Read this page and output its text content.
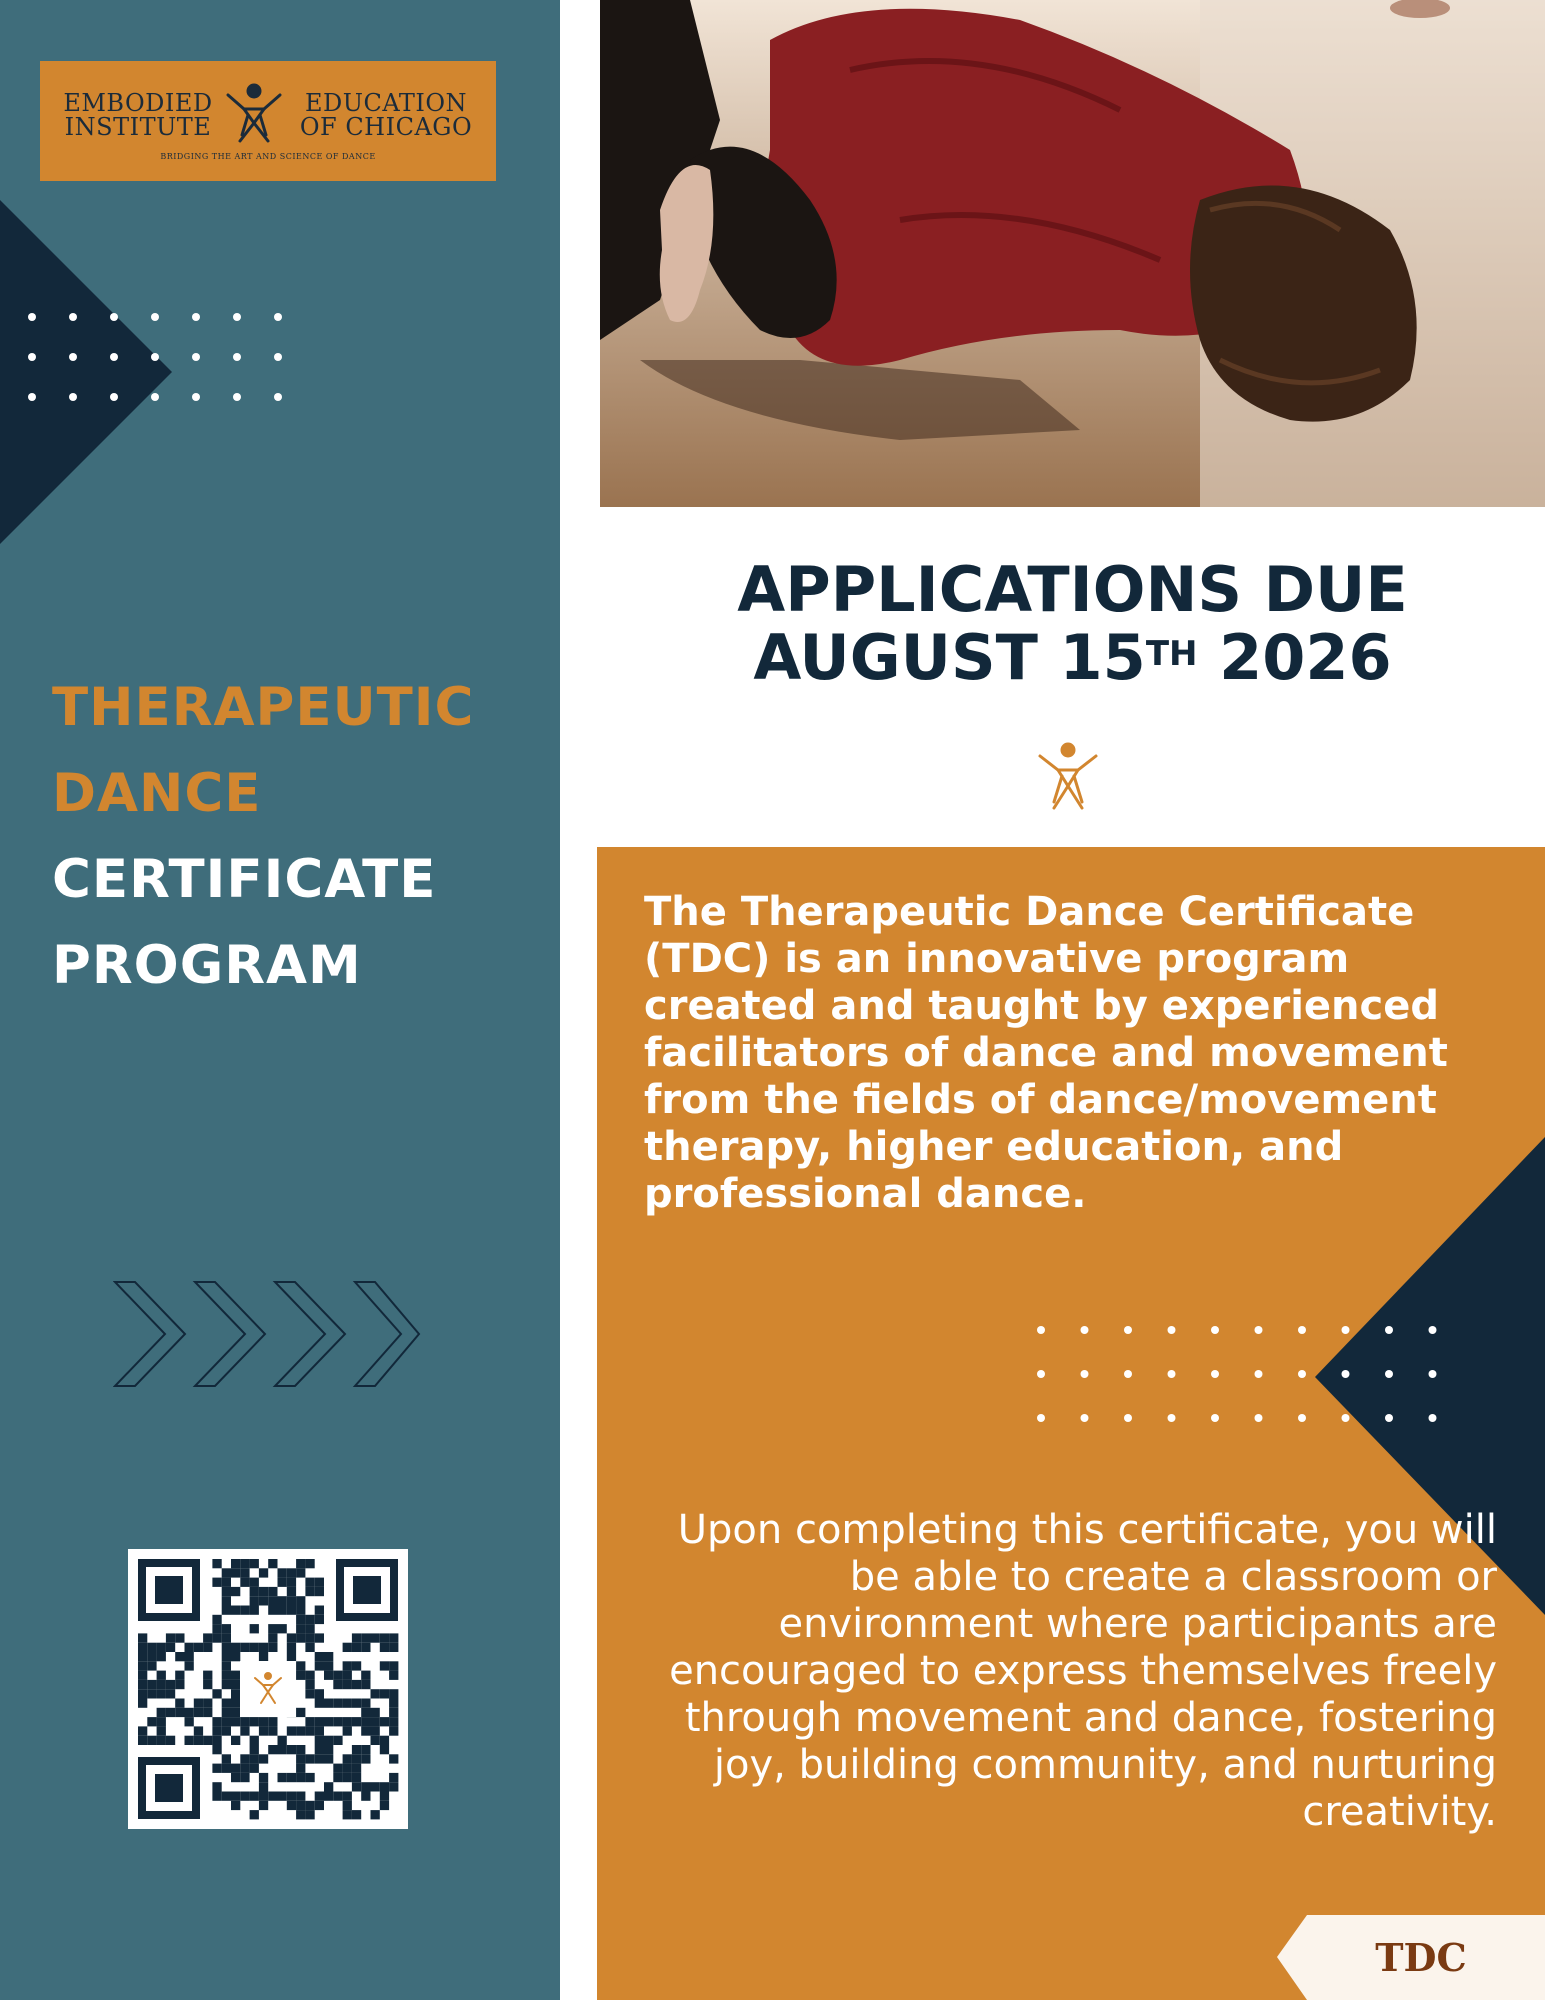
EMBODIED
INSTITUTE
EDUCATION
OF CHICAGO
BRIDGING THE ART AND SCIENCE OF DANCE
THERAPEUTIC
DANCE
CERTIFICATE
PROGRAM
APPLICATIONS DUE
AUGUST 15TH 2026

The Therapeutic Dance Certificate (TDC) is an innovative program created and taught by experienced facilitators of dance and movement from the fields of dance/movement therapy, higher education, and professional dance.

Upon completing this certificate, you will be able to create a classroom or environment where participants are encouraged to express themselves freely through movement and dance, fostering joy, building community, and nurturing creativity.

TDC
